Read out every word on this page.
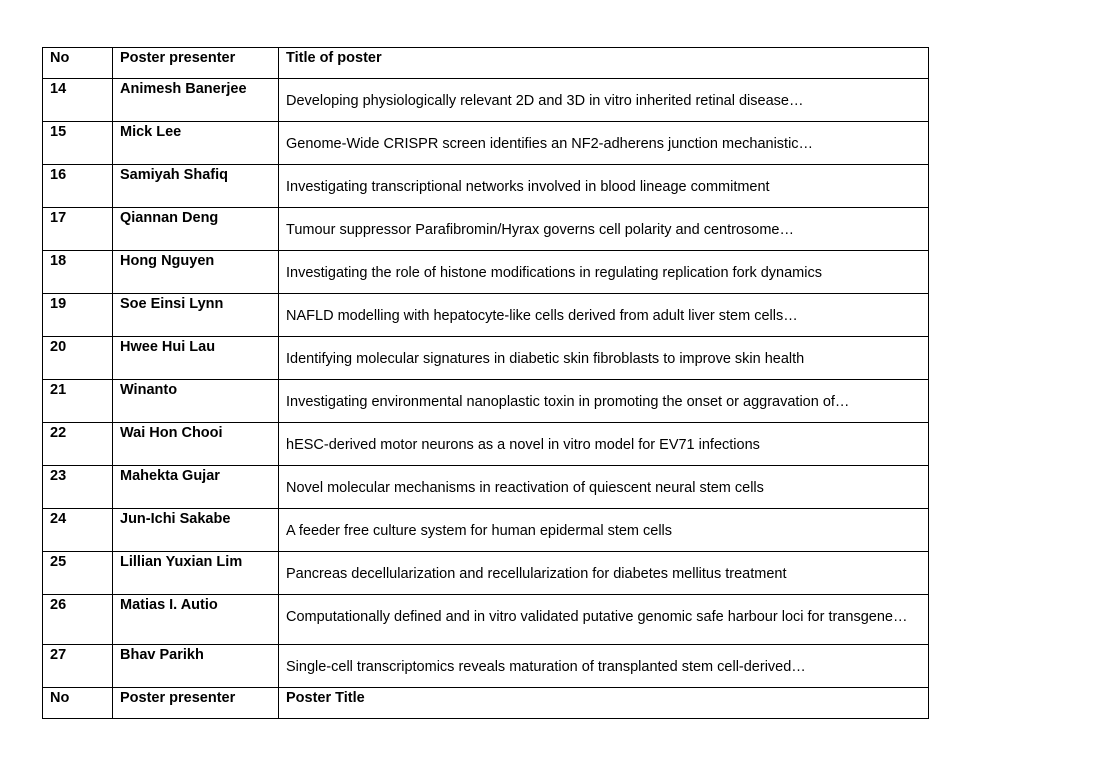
No	Poster presenter	Title of poster
14	Animesh Banerjee	Developing physiologically relevant 2D and 3D in vitro inherited retinal disease…
15	Mick Lee	Genome-Wide CRISPR screen identifies an NF2-adherens junction mechanistic…
16	Samiyah Shafiq	Investigating transcriptional networks involved in blood lineage commitment
17	Qiannan Deng	Tumour suppressor Parafibromin/Hyrax governs cell polarity and centrosome…
18	Hong Nguyen	Investigating the role of histone modifications in regulating replication fork dynamics
19	Soe Einsi Lynn	NAFLD modelling with hepatocyte-like cells derived from adult liver stem cells…
20	Hwee Hui Lau	Identifying molecular signatures in diabetic skin fibroblasts to improve skin health
21	Winanto	Investigating environmental nanoplastic toxin in promoting the onset or aggravation of…
22	Wai Hon Chooi	hESC-derived motor neurons as a novel in vitro model for EV71 infections
23	Mahekta Gujar	Novel molecular mechanisms in reactivation of quiescent neural stem cells
24	Jun-Ichi Sakabe	A feeder free culture system for human epidermal stem cells
25	Lillian Yuxian Lim	Pancreas decellularization and recellularization for diabetes mellitus treatment
26	Matias I. Autio	Computationally defined and in vitro validated putative genomic safe harbour loci for transgene…
27	Bhav Parikh	Single-cell transcriptomics reveals maturation of transplanted stem cell-derived…
No	Poster presenter	Poster Title
